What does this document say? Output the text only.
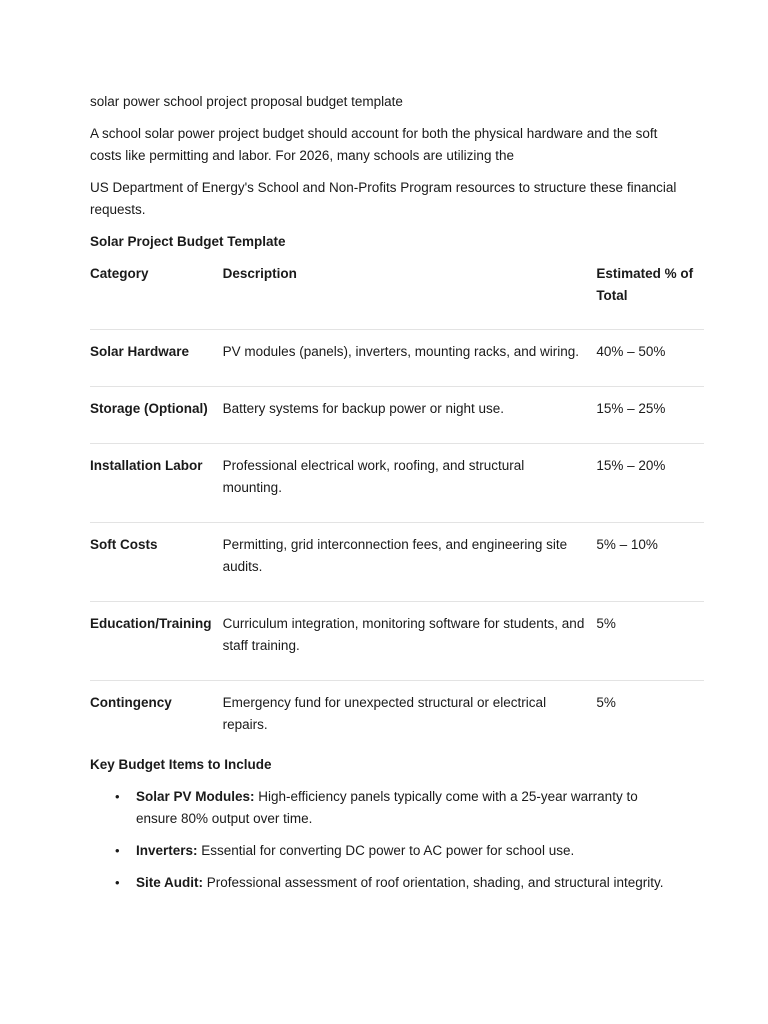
solar power school project proposal budget template

A school solar power project budget should account for both the physical hardware and the soft costs like permitting and labor. For 2026, many schools are utilizing the

US Department of Energy's School and Non-Profits Program resources to structure these financial requests.

Solar Project Budget Template

Category	Description	Estimated % of Total
Solar Hardware	PV modules (panels), inverters, mounting racks, and wiring.	40% – 50%
Storage (Optional)	Battery systems for backup power or night use.	15% – 25%
Installation Labor	Professional electrical work, roofing, and structural mounting.	15% – 20%
Soft Costs	Permitting, grid interconnection fees, and engineering site audits.	5% – 10%
Education/Training	Curriculum integration, monitoring software for students, and staff training.	5%
Contingency	Emergency fund for unexpected structural or electrical repairs.	5%

Key Budget Items to Include

• Solar PV Modules: High-efficiency panels typically come with a 25-year warranty to ensure 80% output over time.
• Inverters: Essential for converting DC power to AC power for school use.
• Site Audit: Professional assessment of roof orientation, shading, and structural integrity.
